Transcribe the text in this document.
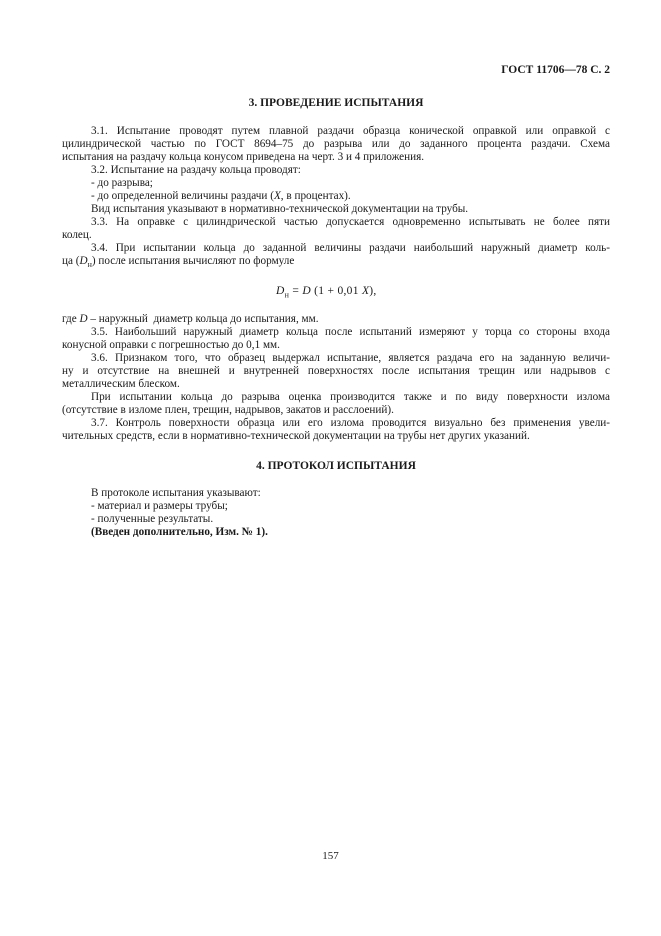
ГОСТ 11706—78 С. 2
3. ПРОВЕДЕНИЕ ИСПЫТАНИЯ

3.1. Испытание проводят путем плавной раздачи образца конической оправкой или оправкой с

цилиндрической частью по ГОСТ 8694–75 до разрыва или до заданного процента раздачи. Схема

испытания на раздачу кольца конусом приведена на черт. 3 и 4 приложения.

3.2. Испытание на раздачу кольца проводят:

- до разрыва;

- до определенной величины раздачи (X, в процентах).

Вид испытания указывают в нормативно-технической документации на трубы.

3.3. На оправке с цилиндрической частью допускается одновременно испытывать не более пяти

колец.

3.4. При испытании кольца до заданной величины раздачи наибольший наружный диаметр коль-

ца $(D_н)$ после испытания вычисляют по формуле

$D_н = D$ (1 + 0,01 X),

где D – наружный  диаметр кольца до испытания, мм.

3.5. Наибольший наружный диаметр кольца после испытаний измеряют у торца со стороны входа

конусной оправки с погрешностью до 0,1 мм.

3.6. Признаком того, что образец выдержал испытание, является раздача его на заданную величи-

ну и отсутствие на внешней и внутренней поверхностях после испытания трещин или надрывов с

металлическим блеском.

При испытании кольца до разрыва оценка производится также и по виду поверхности излома

(отсутствие в изломе плен, трещин, надрывов, закатов и расслоений).

3.7. Контроль поверхности образца или его излома проводится визуально без применения увели-

чительных средств, если в нормативно-технической документации на трубы нет других указаний.

4. ПРОТОКОЛ ИСПЫТАНИЯ

В протоколе испытания указывают:

- материал и размеры трубы;

- полученные результаты.

(Введен дополнительно, Изм. № 1).

157
